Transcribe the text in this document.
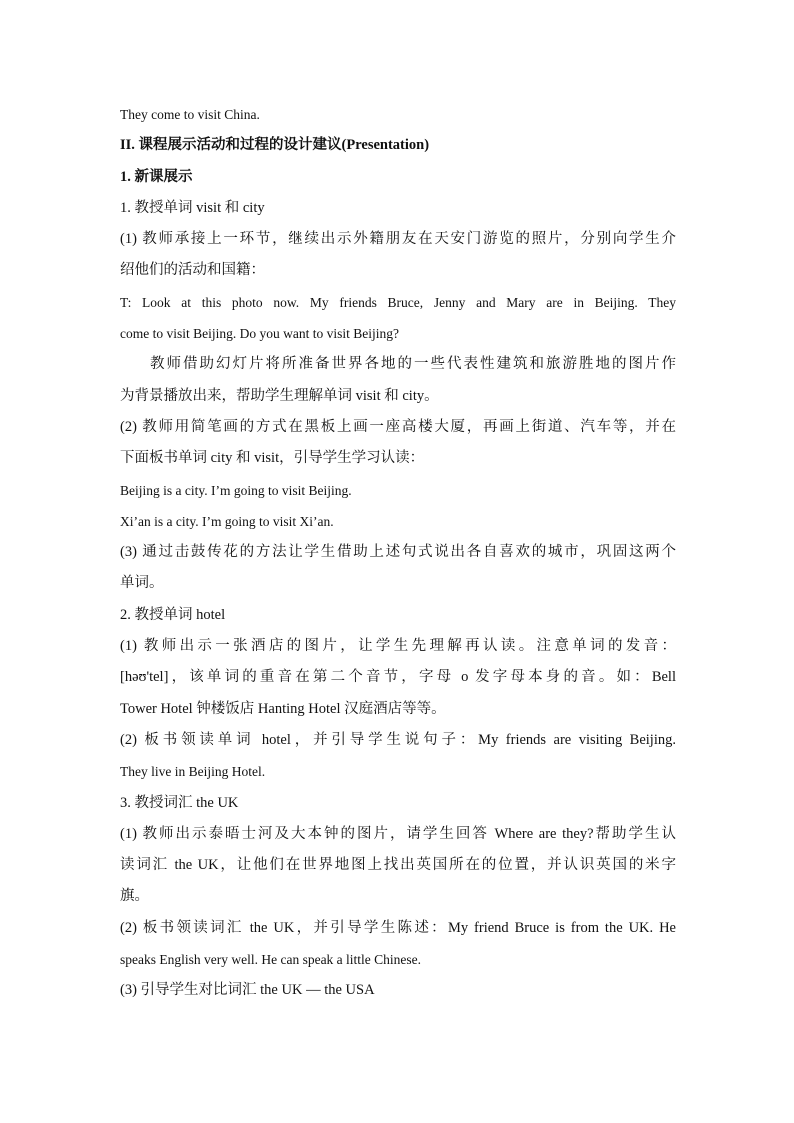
They come to visit China.
II. 课程展示活动和过程的设计建议(Presentation)
1. 新课展示
1. 教授单词 visit 和 city
(1) 教师承接上一环节，继续出示外籍朋友在天安门游览的照片，分别向学生介
绍他们的活动和国籍：
T: Look at this photo now. My friends Bruce, Jenny and Mary are in Beijing. They
come to visit Beijing. Do you want to visit Beijing?
教师借助幻灯片将所准备世界各地的一些代表性建筑和旅游胜地的图片作
为背景播放出来，帮助学生理解单词 visit 和 city。
(2) 教师用简笔画的方式在黑板上画一座高楼大厦，再画上街道、汽车等，并在
下面板书单词 city 和 visit，引导学生学习认读：
Beijing is a city. I’m going to visit Beijing.
Xi’an is a city. I’m going to visit Xi’an.
(3) 通过击鼓传花的方法让学生借助上述句式说出各自喜欢的城市，巩固这两个
单词。
2. 教授单词 hotel
(1) 教师出示一张酒店的图片，让学生先理解再认读。注意单词的发音：
[həʊ'tel]，该单词的重音在第二个音节，字母 o 发字母本身的音。如：Bell
Tower Hotel 钟楼饭店 Hanting Hotel 汉庭酒店等等。
(2) 板书领读单词 hotel，并引导学生说句子：My friends are visiting Beijing.
They live in Beijing Hotel.
3. 教授词汇 the UK
(1) 教师出示泰晤士河及大本钟的图片，请学生回答 Where are they?帮助学生认
读词汇 the UK，让他们在世界地图上找出英国所在的位置，并认识英国的米字
旗。
(2) 板书领读词汇 the UK，并引导学生陈述：My friend Bruce is from the UK. He
speaks English very well. He can speak a little Chinese.
(3) 引导学生对比词汇 the UK — the USA
